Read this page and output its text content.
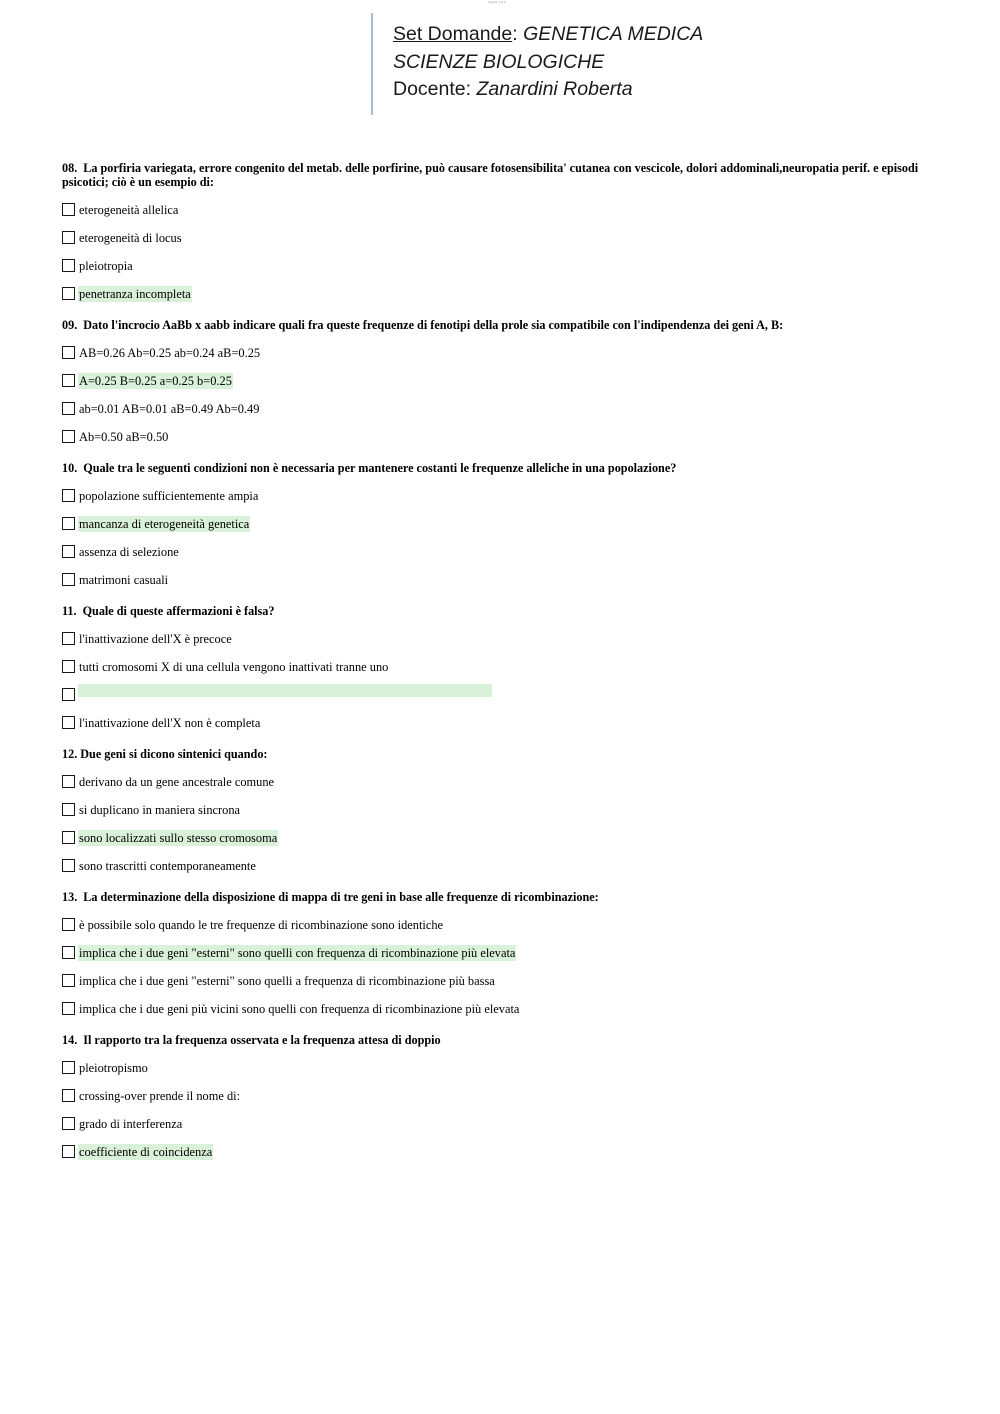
Pagina 1 di 2
Set Domande: GENETICA MEDICA
SCIENZE BIOLOGICHE
Docente: Zanardini Roberta

08. La porfiria variegata, errore congenito del metab. delle porfirine, può causare fotosensibilita' cutanea con vescicole, dolori addominali,neuropatia perif. e episodi psicotici; ciò è un esempio di:

eterogeneità allelica
eterogeneità di locus
pleiotropia
penetranza incompleta

09. Dato l'incrocio AaBb x aabb indicare quali fra queste frequenze di fenotipi della prole sia compatibile con l'indipendenza dei geni A, B:

AB=0.26 Ab=0.25 ab=0.24 aB=0.25
A=0.25 B=0.25 a=0.25 b=0.25
ab=0.01 AB=0.01 aB=0.49 Ab=0.49
Ab=0.50 aB=0.50

10. Quale tra le seguenti condizioni non è necessaria per mantenere costanti le frequenze alleliche in una popolazione?

popolazione sufficientemente ampia
mancanza di eterogeneità genetica
assenza di selezione
matrimoni casuali

11. Quale di queste affermazioni è falsa?

l'inattivazione dell'X è precoce
tutti cromosomi X di una cellula vengono inattivati tranne uno
l'inattivazione dell'X non è completa

12. Due geni si dicono sintenici quando:

derivano da un gene ancestrale comune
si duplicano in maniera sincrona
sono localizzati sullo stesso cromosoma
sono trascritti contemporaneamente

13. La determinazione della disposizione di mappa di tre geni in base alle frequenze di ricombinazione:

è possibile solo quando le tre frequenze di ricombinazione sono identiche
implica che i due geni "esterni" sono quelli con frequenza di ricombinazione più elevata
implica che i due geni "esterni" sono quelli a frequenza di ricombinazione più bassa
implica che i due geni più vicini sono quelli con frequenza di ricombinazione più elevata

14. Il rapporto tra la frequenza osservata e la frequenza attesa di doppio

pleiotropismo
crossing-over prende il nome di:
grado di interferenza
coefficiente di coincidenza
